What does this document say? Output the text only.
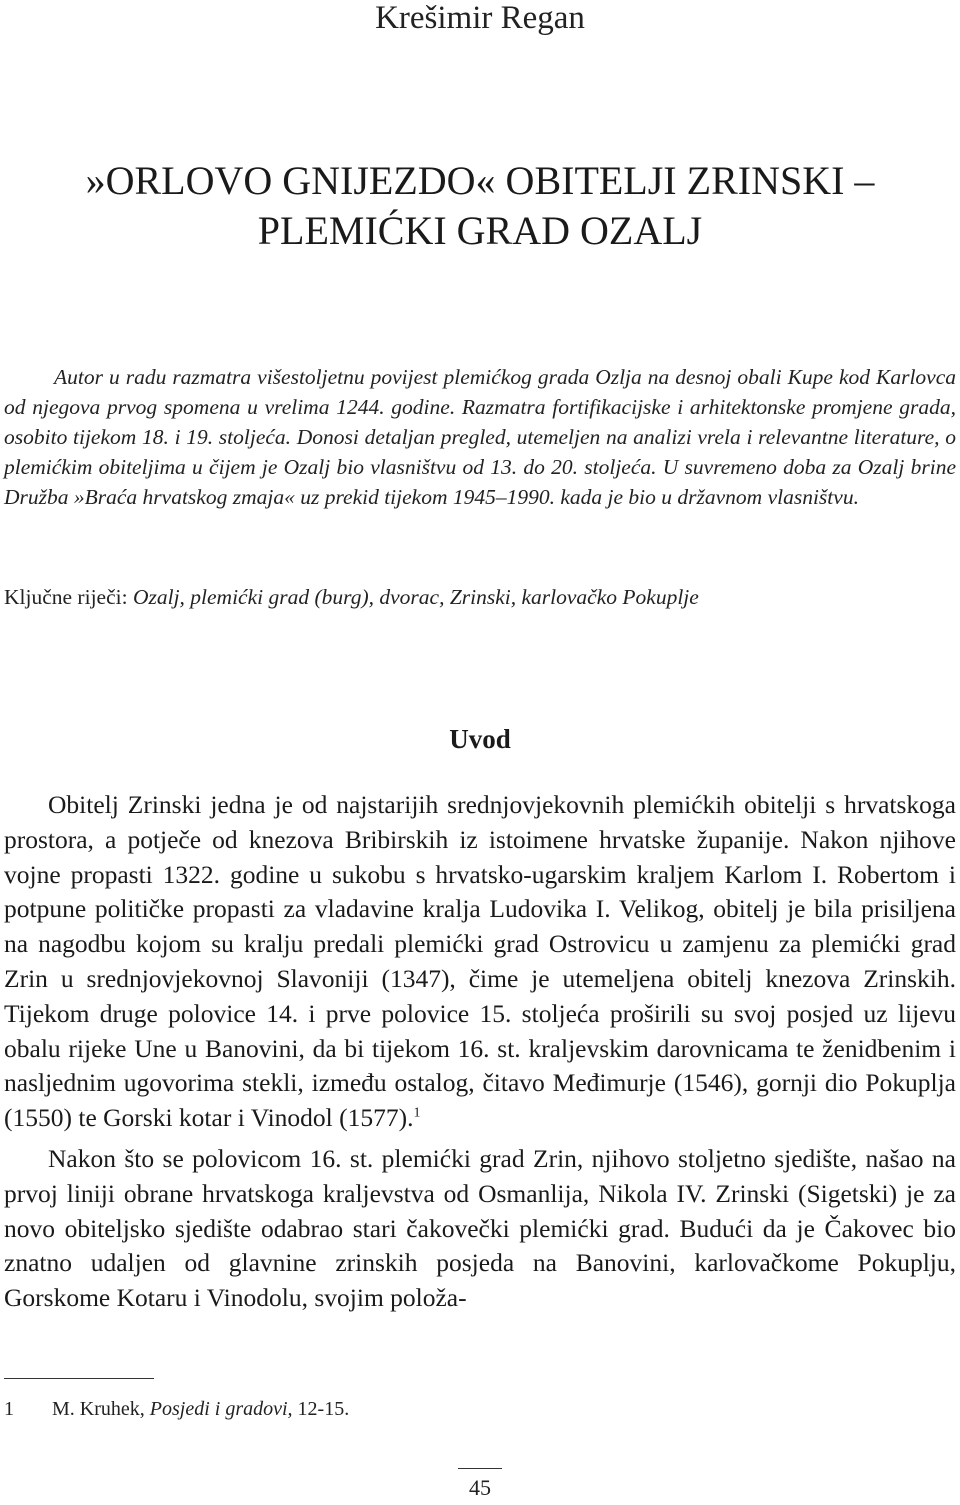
Krešimir Regan
»ORLOVO GNIJEZDO« OBITELJI ZRINSKI –
PLEMIĆKI GRAD OZALJ

Autor u radu razmatra višestoljetnu povijest plemićkog grada Ozlja na desnoj obali Kupe kod Karlovca od njegova prvog spomena u vrelima 1244. godine. Razmatra fortifikacijske i arhitektonske promjene grada, osobito tijekom 18. i 19. stoljeća. Donosi detaljan pregled, utemeljen na analizi vrela i relevantne literature, o plemićkim obiteljima u čijem je Ozalj bio vlasništvu od 13. do 20. stoljeća. U suvremeno doba za Ozalj brine Družba »Braća hrvatskog zmaja« uz prekid tijekom 1945–1990. kada je bio u državnom vlasništvu.

Ključne riječi: Ozalj, plemićki grad (burg), dvorac, Zrinski, karlovačko Pokuplje

Uvod

Obitelj Zrinski jedna je od najstarijih srednjovjekovnih plemićkih obitelji s hrvatskoga prostora, a potječe od knezova Bribirskih iz istoimene hrvatske županije. Nakon njihove vojne propasti 1322. godine u sukobu s hrvatsko-ugarskim kraljem Karlom I. Robertom i potpune političke propasti za vladavine kralja Ludovika I. Velikog, obitelj je bila prisiljena na nagodbu kojom su kralju predali plemićki grad Ostrovicu u zamjenu za plemićki grad Zrin u srednjovjekovnoj Slavoniji (1347), čime je utemeljena obitelj knezova Zrinskih. Tijekom druge polovice 14. i prve polovice 15. stoljeća proširili su svoj posjed uz lijevu obalu rijeke Une u Banovini, da bi tijekom 16. st. kraljevskim darovnicama te ženidbenim i nasljednim ugovorima stekli, između ostalog, čitavo Međimurje (1546), gornji dio Pokuplja (1550) te Gorski kotar i Vinodol (1577).$^1$

Nakon što se polovicom 16. st. plemićki grad Zrin, njihovo stoljetno sjedište, našao na prvoj liniji obrane hrvatskoga kraljevstva od Osmanlija, Nikola IV. Zrinski (Sigetski) je za novo obiteljsko sjedište odabrao stari čakovečki plemićki grad. Budući da je Čakovec bio znatno udaljen od glavnine zrinskih posjeda na Banovini, karlovačkome Pokuplju, Gorskome Kotaru i Vinodolu, svojim položa-

1 M. Kruhek, Posjedi i gradovi, 12-15.
45
